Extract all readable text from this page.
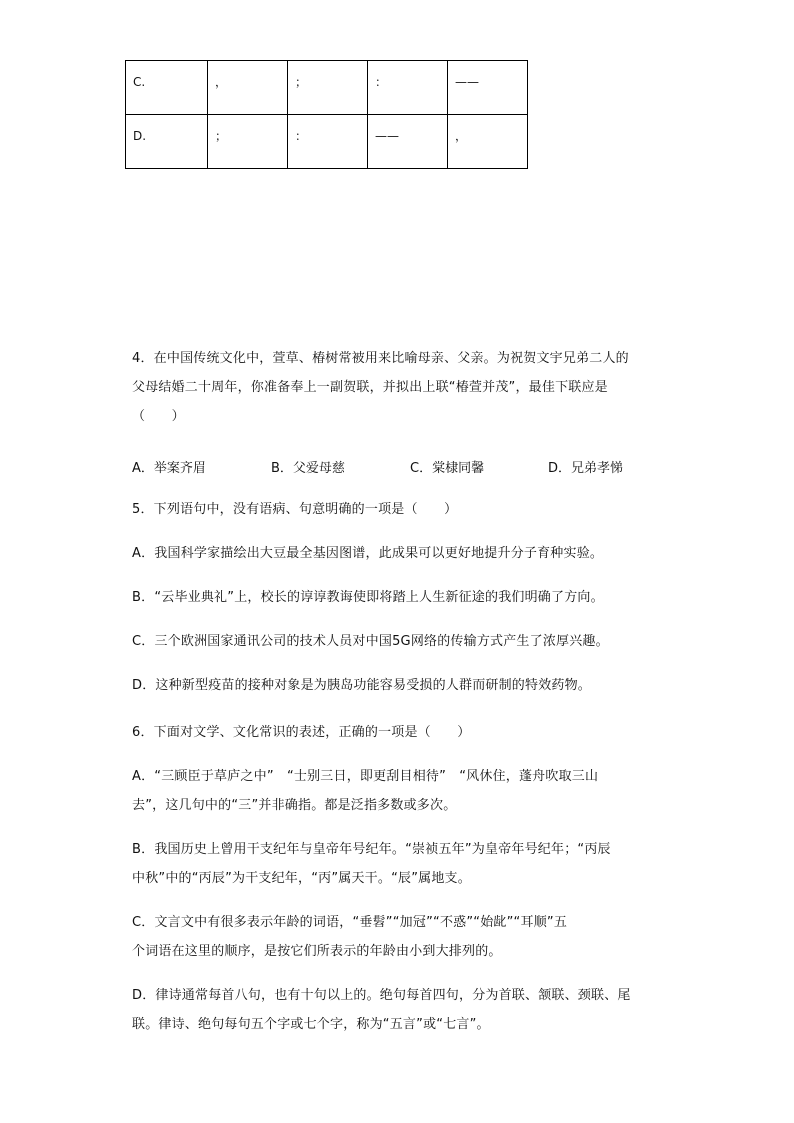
C.	，	；	：	——
D.	；	：	——	，
4．在中国传统文化中，萱草、椿树常被用来比喻母亲、父亲。为祝贺文宇兄弟二人的
父母结婚二十周年，你准备奉上一副贺联，并拟出上联“椿萱并茂”，最佳下联应是
（　　）
A．举案齐眉	B．父爱母慈	C．棠棣同馨	D．兄弟孝悌
5．下列语句中，没有语病、句意明确的一项是（　　）
A．我国科学家描绘出大豆最全基因图谱，此成果可以更好地提升分子育种实验。
B．“云毕业典礼”上，校长的谆谆教诲使即将踏上人生新征途的我们明确了方向。
C．三个欧洲国家通讯公司的技术人员对中国5G网络的传输方式产生了浓厚兴趣。
D．这种新型疫苗的接种对象是为胰岛功能容易受损的人群而研制的特效药物。
6．下面对文学、文化常识的表述，正确的一项是（　　）
A．“三顾臣于草庐之中”　“士别三日，即更刮目相待”　“风休住，蓬舟吹取三山
去”，这几句中的“三”并非确指。都是泛指多数或多次。
B．我国历史上曾用干支纪年与皇帝年号纪年。“崇祯五年”为皇帝年号纪年；“丙辰
中秋”中的“丙辰”为干支纪年，“丙”属天干。“辰”属地支。
C．文言文中有很多表示年龄的词语，“垂髫”“加冠”“不惑”“始龀”“耳顺”五
个词语在这里的顺序，是按它们所表示的年龄由小到大排列的。
D．律诗通常每首八句，也有十句以上的。绝句每首四句，分为首联、颔联、颈联、尾
联。律诗、绝句每句五个字或七个字，称为“五言”或“七言”。
